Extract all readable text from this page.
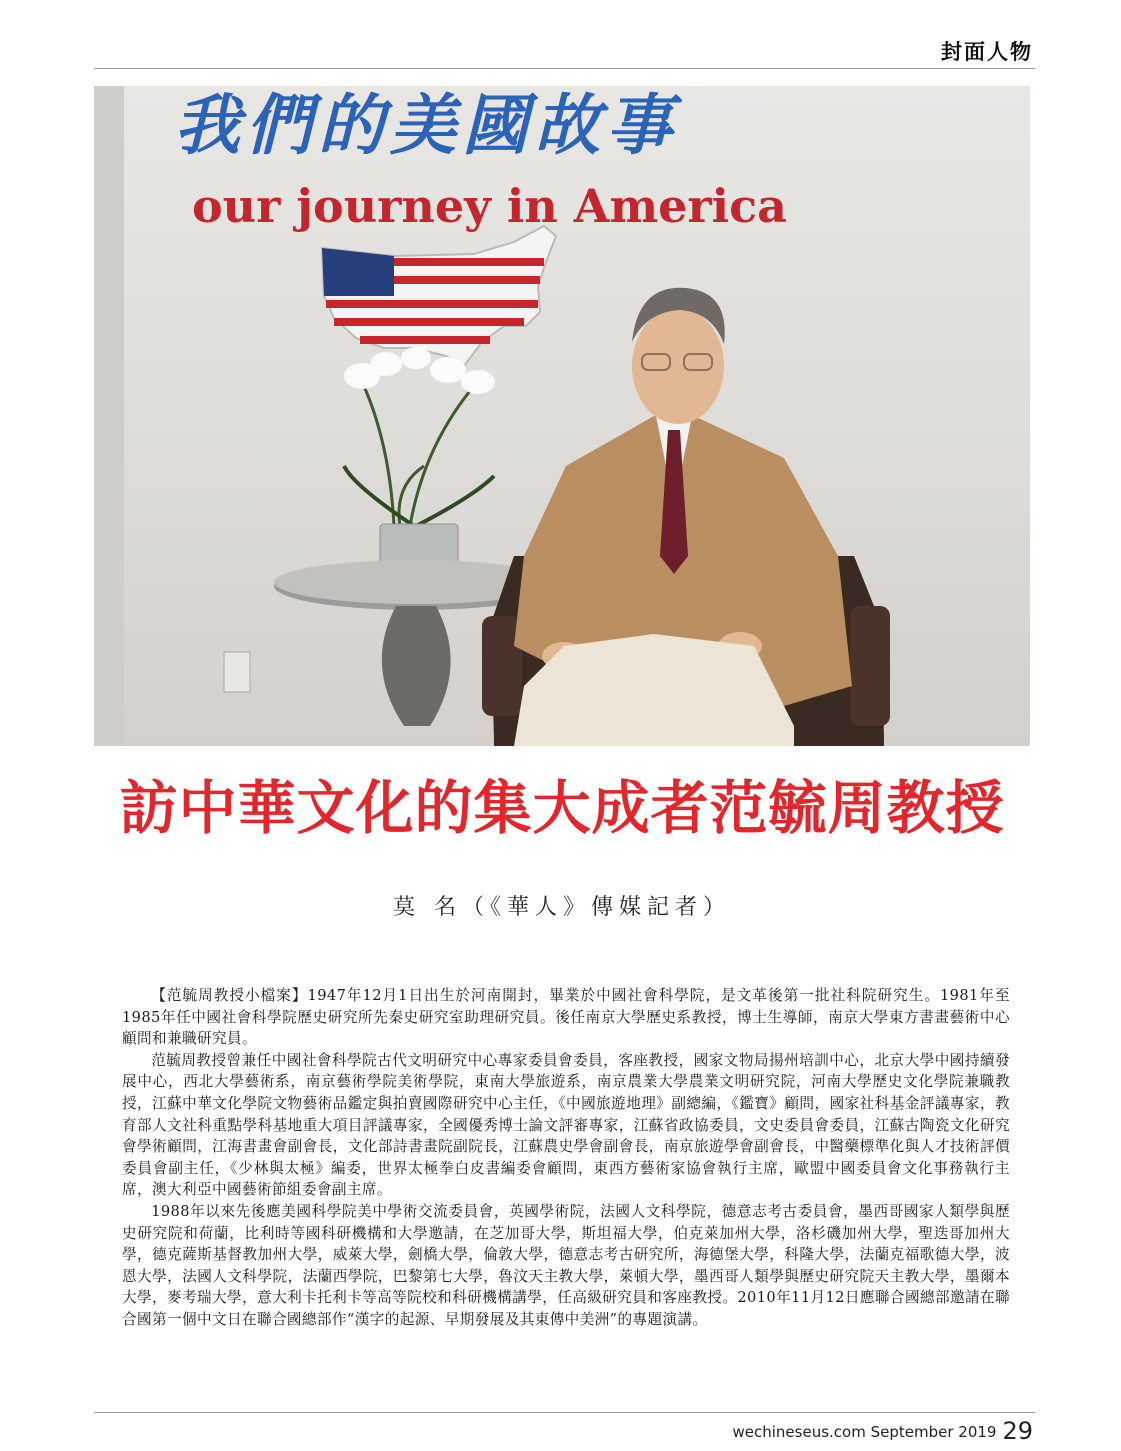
封面人物
我們的美國故事
our journey in America
訪中華文化的集大成者范毓周教授
莫 名（《華人》傳媒記者）

【范毓周教授小檔案】1947年12月1日出生於河南開封，畢業於中國社會科學院，是文革後第一批社科院研究生。1981年至1985年任中國社會科學院歷史研究所先秦史研究室助理研究員。後任南京大學歷史系教授，博士生導師，南京大學東方書畫藝術中心顧問和兼職研究員。

范毓周教授曾兼任中國社會科學院古代文明研究中心專家委員會委員，客座教授，國家文物局揚州培訓中心，北京大學中國持續發展中心，西北大學藝術系，南京藝術學院美術學院，東南大學旅遊系，南京農業大學農業文明研究院，河南大學歷史文化學院兼職教授，江蘇中華文化學院文物藝術品鑑定與拍賣國際研究中心主任，《中國旅遊地理》副總編，《鑑寶》顧問，國家社科基金評議專家，教育部人文社科重點學科基地重大項目評議專家，全國優秀博士論文評審專家，江蘇省政協委員，文史委員會委員，江蘇古陶瓷文化研究會學術顧問，江海書畫會副會長，文化部詩書畫院副院長，江蘇農史學會副會長，南京旅遊學會副會長，中醫藥標準化與人才技術評價委員會副主任，《少林與太極》編委，世界太極拳白皮書編委會顧問，東西方藝術家協會執行主席，歐盟中國委員會文化事務執行主席，澳大利亞中國藝術節組委會副主席。

1988年以來先後應美國科學院美中學術交流委員會，英國學術院，法國人文科學院，德意志考古委員會，墨西哥國家人類學與歷史研究院和荷蘭，比利時等國科研機構和大學邀請，在芝加哥大學，斯坦福大學，伯克萊加州大學，洛杉磯加州大學，聖迭哥加州大學，德克薩斯基督教加州大學，威萊大學，劍橋大學，倫敦大學，德意志考古研究所，海德堡大學，科隆大學，法蘭克福歌德大學，波恩大學，法國人文科學院，法蘭西學院，巴黎第七大學，魯汶天主教大學，萊頓大學，墨西哥人類學與歷史研究院天主教大學，墨爾本大學，麥考瑞大學，意大利卡托利卡等高等院校和科研機構講學，任高級研究員和客座教授。2010年11月12日應聯合國總部邀請在聯合國第一個中文日在聯合國總部作“漢字的起源、早期發展及其東傳中美洲”的專題演講。

wechineseus.com September 2019 29
